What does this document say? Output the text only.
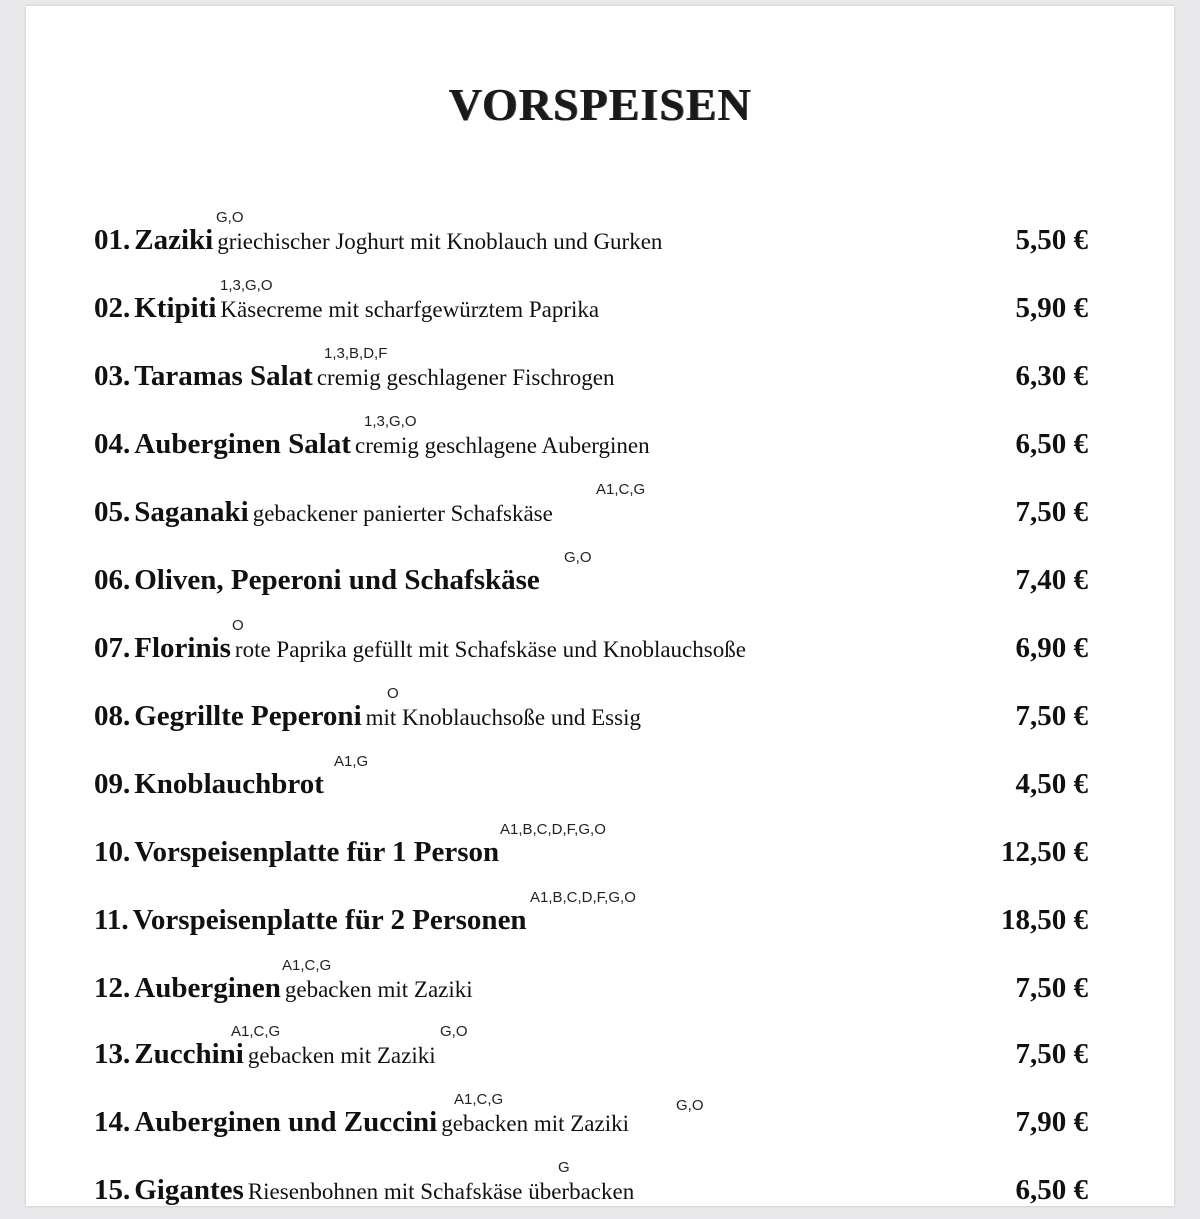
VORSPEISEN
G,O
01. Zaziki griechischer Joghurt mit Knoblauch und Gurken	5,50 €
1,3,G,O
02. Ktipiti Käsecreme mit scharfgewürztem Paprika	5,90 €
1,3,B,D,F
03. Taramas Salat cremig geschlagener Fischrogen	6,30 €
1,3,G,O
04. Auberginen Salat cremig geschlagene Auberginen	6,50 €
A1,C,G
05. Saganaki gebackener panierter Schafskäse	7,50 €
G,O
06. Oliven, Peperoni und Schafskäse	7,40 €
O
07. Florinis rote Paprika gefüllt mit Schafskäse und Knoblauchsoße	6,90 €
O
08. Gegrillte Peperoni mit Knoblauchsoße und Essig	7,50 €
A1,G
09. Knoblauchbrot	4,50 €
A1,B,C,D,F,G,O
10. Vorspeisenplatte für 1 Person	12,50 €
A1,B,C,D,F,G,O
11. Vorspeisenplatte für 2 Personen	18,50 €
A1,C,G
12. Auberginen gebacken mit Zaziki	7,50 €
A1,C,G	G,O
13. Zucchini gebacken mit Zaziki	7,50 €
A1,C,G	G,O
14. Auberginen und Zuccini gebacken mit Zaziki	7,90 €
G
15. Gigantes Riesenbohnen mit Schafskäse überbacken	6,50 €
